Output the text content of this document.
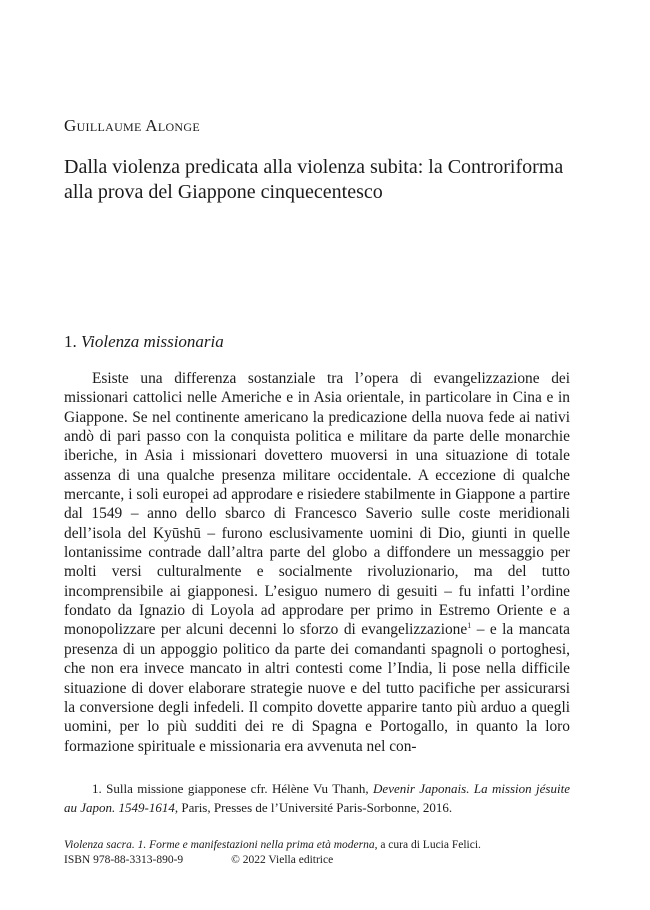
Guillaume Alonge
Dalla violenza predicata alla violenza subita: la Controriforma alla prova del Giappone cinquecentesco
1. Violenza missionaria

Esiste una differenza sostanziale tra l’opera di evangelizzazione dei missionari cattolici nelle Americhe e in Asia orientale, in particolare in Cina e in Giappone. Se nel continente americano la predicazione della nuova fede ai nativi andò di pari passo con la conquista politica e militare da parte delle monarchie iberiche, in Asia i missionari dovettero muoversi in una situazione di totale assenza di una qualche presenza militare occidentale. A eccezione di qualche mercante, i soli europei ad approdare e risiedere stabilmente in Giappone a partire dal 1549 – anno dello sbarco di Francesco Saverio sulle coste meridionali dell’isola del Kyūshū – furono esclusivamente uomini di Dio, giunti in quelle lontanissime contrade dall’altra parte del globo a diffondere un messaggio per molti versi culturalmente e socialmente rivoluzionario, ma del tutto incomprensibile ai giapponesi. L’esiguo numero di gesuiti – fu infatti l’ordine fondato da Ignazio di Loyola ad approdare per primo in Estremo Oriente e a monopolizzare per alcuni decenni lo sforzo di evangelizzazione$^1$ – e la mancata presenza di un appoggio politico da parte dei comandanti spagnoli o portoghesi, che non era invece mancato in altri contesti come l’India, li pose nella difficile situazione di dover elaborare strategie nuove e del tutto pacifiche per assicurarsi la conversione degli infedeli. Il compito dovette apparire tanto più arduo a quegli uomini, per lo più sudditi dei re di Spagna e Portogallo, in quanto la loro formazione spirituale e missionaria era avvenuta nel con-

1. Sulla missione giapponese cfr. Hélène Vu Thanh, Devenir Japonais. La mission jésuite au Japon. 1549-1614, Paris, Presses de l’Université Paris-Sorbonne, 2016.

Violenza sacra. 1. Forme e manifestazioni nella prima età moderna, a cura di Lucia Felici.
ISBN 978-88-3313-890-9	© 2022 Viella editrice
